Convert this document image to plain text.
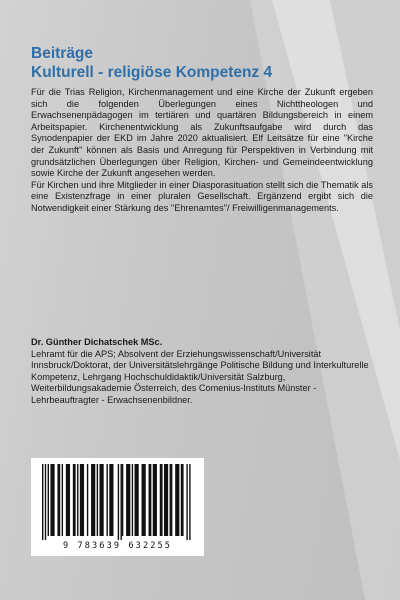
Beiträge
Kulturell - religiöse Kompetenz 4

Für die Trias Religion, Kirchenmanagement und eine Kirche der Zukunft ergeben sich die folgenden Überlegungen eines Nichttheologen und Erwachsenenpädagogen im tertiären und quartären Bildungsbereich in einem Arbeitspapier. Kirchenentwicklung als Zukunftsaufgabe wird durch das Synodenpapier der EKD im Jahre 2020 aktualisiert. Elf Leitsätze für eine "Kirche der Zukunft" können als Basis und Anregung für Perspektiven in Verbindung mit grundsätzlichen Überlegungen über Religion, Kirchen- und Gemeindeentwicklung sowie Kirche der Zukunft angesehen werden.

Für Kirchen und ihre Mitglieder in einer Diasporasituation stellt sich die Thematik als eine Existenzfrage in einer pluralen Gesellschaft. Ergänzend ergibt sich die Notwendigkeit einer Stärkung des "Ehrenamtes"/ Freiwilligenmanagements.

Dr. Günther Dichatschek MSc.
Lehramt für die APS; Absolvent der Erziehungswissenschaft/Universität Innsbruck/Doktorat, der Universitätslehrgänge Politische Bildung und Interkulturelle Kompetenz, Lehrgang Hochschuldidaktik/Universität Salzburg, Weiterbildungsakademie Österreich, des Comenius-Instituts Münster - Lehrbeauftragter - Erwachsenenbildner.
9 783639 632255
